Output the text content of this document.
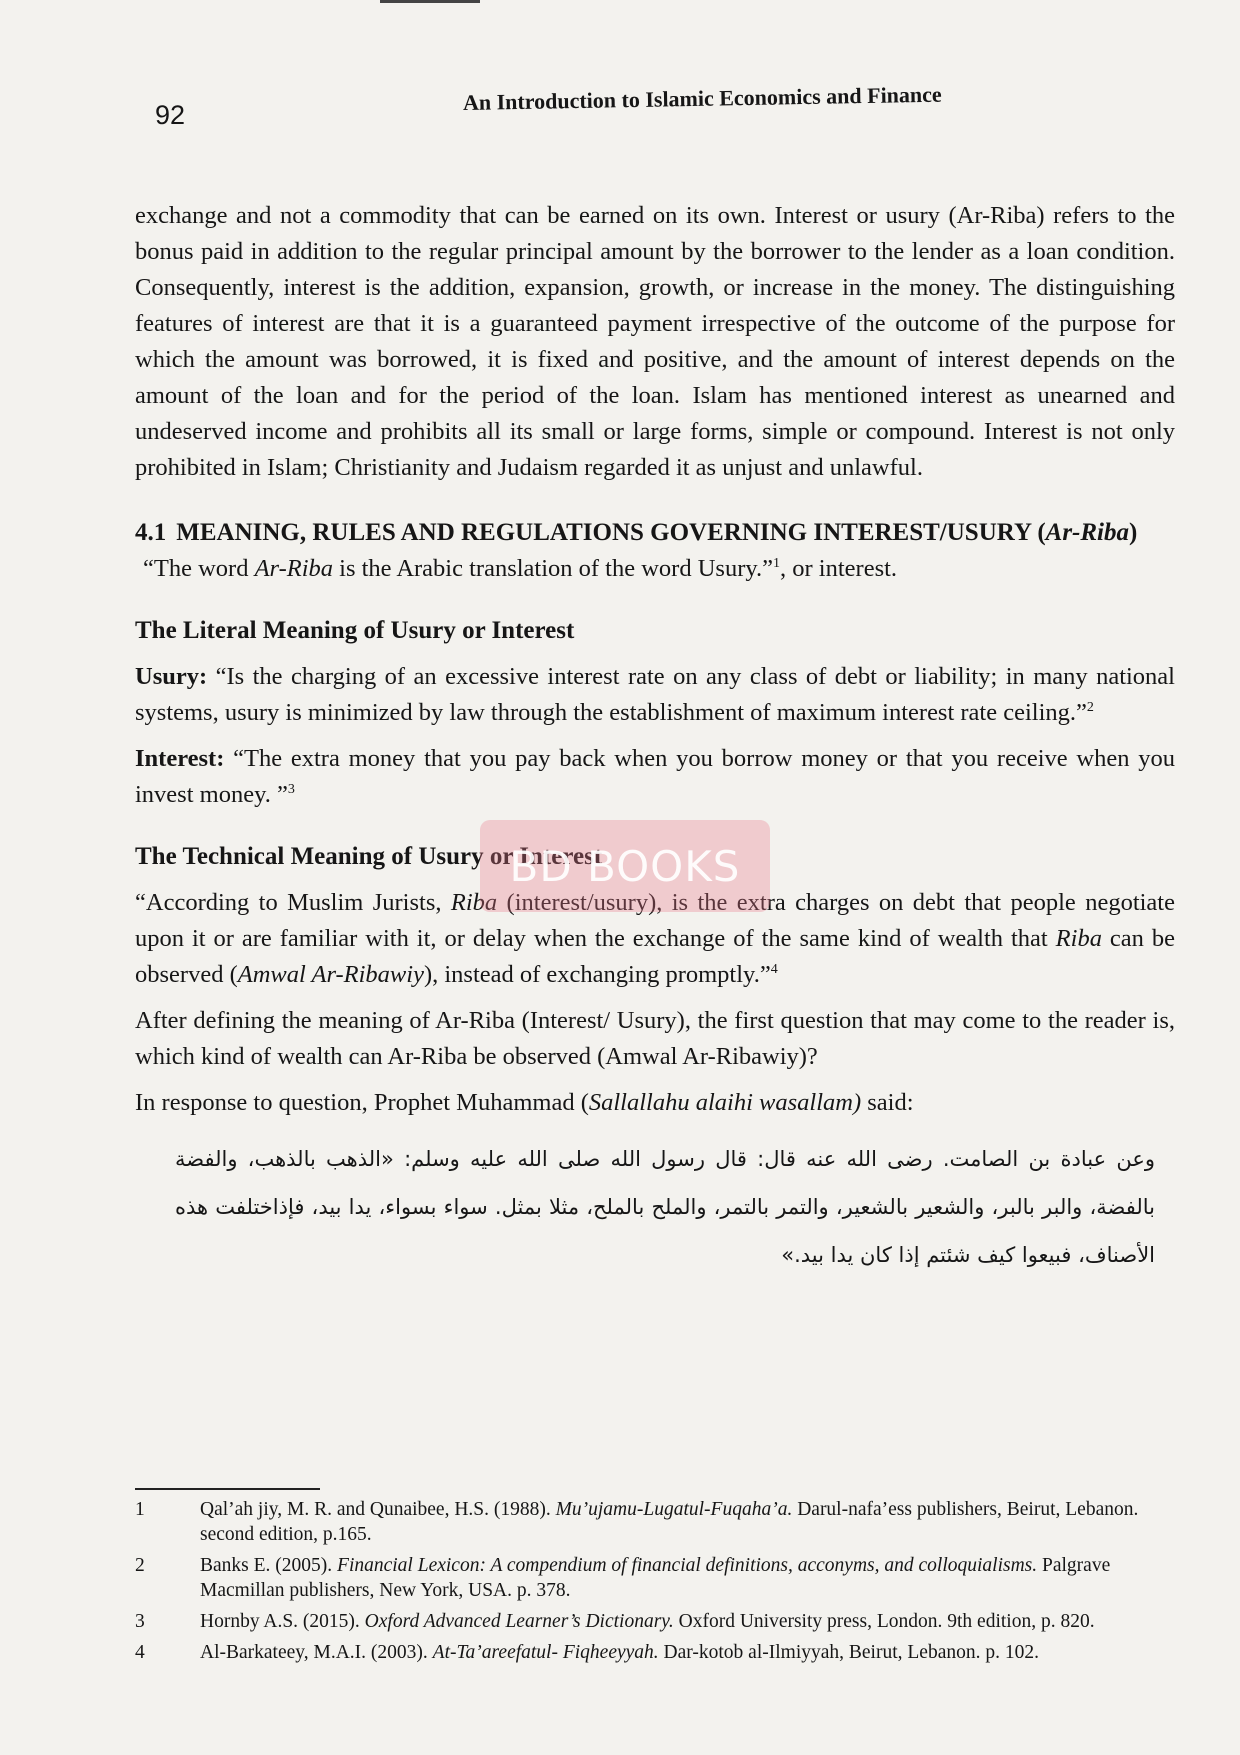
92
An Introduction to Islamic Economics and Finance

exchange and not a commodity that can be earned on its own. Interest or usury (Ar-Riba) refers to the bonus paid in addition to the regular principal amount by the borrower to the lender as a loan condition. Consequently, interest is the addition, expansion, growth, or increase in the money. The distinguishing features of interest are that it is a guaranteed payment irrespective of the outcome of the purpose for which the amount was borrowed, it is fixed and positive, and the amount of interest depends on the amount of the loan and for the period of the loan. Islam has mentioned interest as unearned and undeserved income and prohibits all its small or large forms, simple or compound. Interest is not only prohibited in Islam; Christianity and Judaism regarded it as unjust and unlawful.

4.1 MEANING, RULES AND REGULATIONS GOVERNING INTEREST/USURY (Ar-Riba)

“The word Ar-Riba is the Arabic translation of the word Usury.”$^1$, or interest.

The Literal Meaning of Usury or Interest

Usury: “Is the charging of an excessive interest rate on any class of debt or liability; in many national systems, usury is minimized by law through the establishment of maximum interest rate ceiling.”$^2$

Interest: “The extra money that you pay back when you borrow money or that you receive when you invest money. ”$^3$

The Technical Meaning of Usury or Interest

“According to Muslim Jurists, Riba (interest/usury), is the extra charges on debt that people negotiate upon it or are familiar with it, or delay when the exchange of the same kind of wealth that Riba can be observed (Amwal Ar-Ribawiy), instead of exchanging promptly.”$^4$

After defining the meaning of Ar-Riba (Interest/ Usury), the first question that may come to the reader is, which kind of wealth can Ar-Riba be observed (Amwal Ar-Ribawiy)?

In response to question, Prophet Muhammad (Sallallahu alaihi wasallam) said:

وعن عبادة بن الصامت. رضى الله عنه قال: قال رسول الله صلى الله عليه وسلم: «الذهب بالذهب، والفضة بالفضة، والبر بالبر، والشعير بالشعير، والتمر بالتمر، والملح بالملح، مثلا بمثل. سواء بسواء، يدا بيد، فإذاختلفت هذه الأصناف، فبيعوا كيف شئتم إذا كان يدا بيد.»

BD BOOKS
1	Qal’ah jiy, M. R. and Qunaibee, H.S. (1988). Mu’ujamu-Lugatul-Fuqaha’a. Darul-nafa’ess publishers, Beirut, Lebanon. second edition, p.165.
2	Banks E. (2005). Financial Lexicon: A compendium of financial definitions, acconyms, and colloquialisms. Palgrave Macmillan publishers, New York, USA. p. 378.
3	Hornby A.S. (2015). Oxford Advanced Learner’s Dictionary. Oxford University press, London. 9th edition, p. 820.
4	Al-Barkateey, M.A.I. (2003). At-Ta’areefatul- Fiqheeyyah. Dar-kotob al-Ilmiyyah, Beirut, Lebanon. p. 102.
